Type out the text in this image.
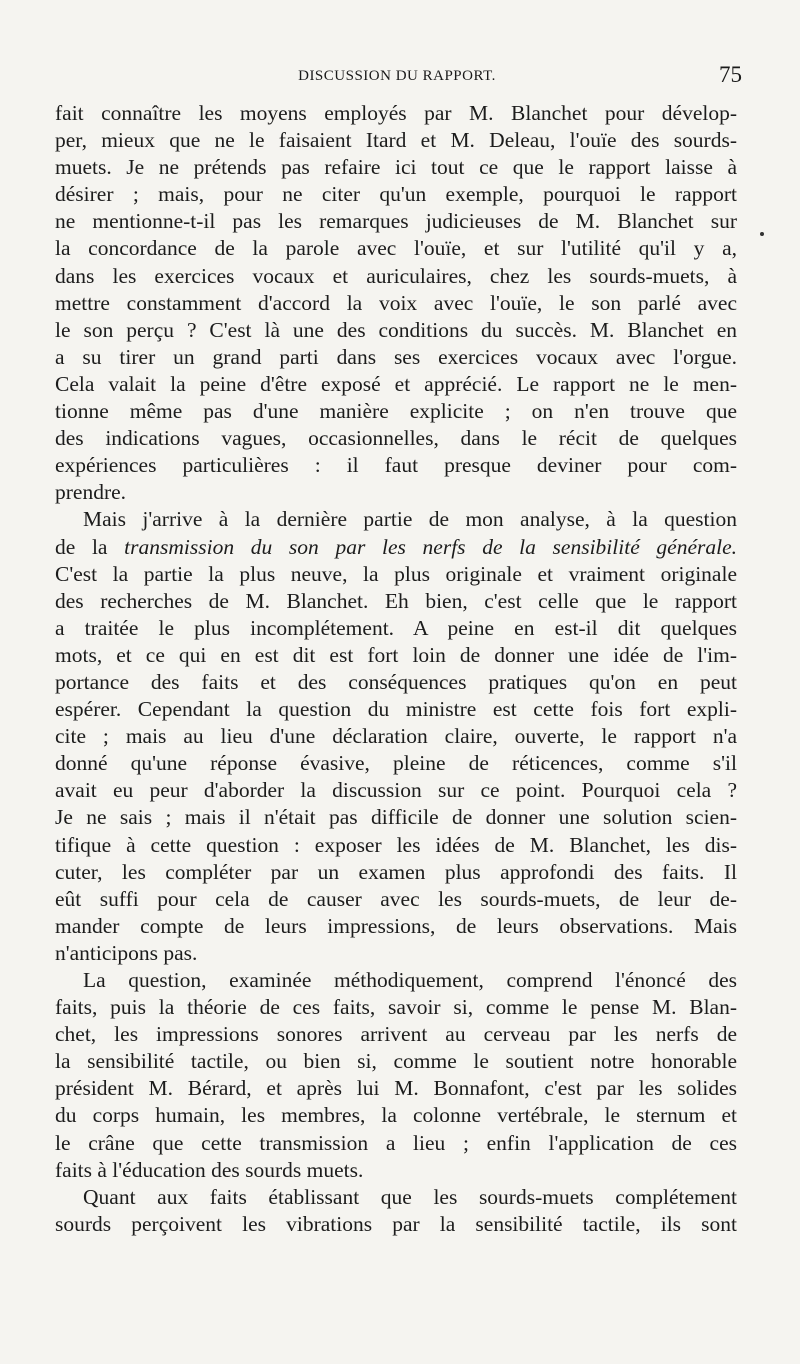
DISCUSSION DU RAPPORT.	75
fait connaître les moyens employés par M. Blanchet pour dévelop-
per, mieux que ne le faisaient Itard et M. Deleau, l'ouïe des sourds-
muets. Je ne prétends pas refaire ici tout ce que le rapport laisse à
désirer ; mais, pour ne citer qu'un exemple, pourquoi le rapport
ne mentionne-t-il pas les remarques judicieuses de M. Blanchet sur
la concordance de la parole avec l'ouïe, et sur l'utilité qu'il y a,
dans les exercices vocaux et auriculaires, chez les sourds-muets, à
mettre constamment d'accord la voix avec l'ouïe, le son parlé avec
le son perçu ? C'est là une des conditions du succès. M. Blanchet en
a su tirer un grand parti dans ses exercices vocaux avec l'orgue.
Cela valait la peine d'être exposé et apprécié. Le rapport ne le men-
tionne même pas d'une manière explicite ; on n'en trouve que
des indications vagues, occasionnelles, dans le récit de quelques
expériences particulières : il faut presque deviner pour com-
prendre.
Mais j'arrive à la dernière partie de mon analyse, à la question
de la transmission du son par les nerfs de la sensibilité générale.
C'est la partie la plus neuve, la plus originale et vraiment originale
des recherches de M. Blanchet. Eh bien, c'est celle que le rapport
a traitée le plus incomplétement. A peine en est-il dit quelques
mots, et ce qui en est dit est fort loin de donner une idée de l'im-
portance des faits et des conséquences pratiques qu'on en peut
espérer. Cependant la question du ministre est cette fois fort expli-
cite ; mais au lieu d'une déclaration claire, ouverte, le rapport n'a
donné qu'une réponse évasive, pleine de réticences, comme s'il
avait eu peur d'aborder la discussion sur ce point. Pourquoi cela ?
Je ne sais ; mais il n'était pas difficile de donner une solution scien-
tifique à cette question : exposer les idées de M. Blanchet, les dis-
cuter, les compléter par un examen plus approfondi des faits. Il
eût suffi pour cela de causer avec les sourds-muets, de leur de-
mander compte de leurs impressions, de leurs observations. Mais
n'anticipons pas.
La question, examinée méthodiquement, comprend l'énoncé des
faits, puis la théorie de ces faits, savoir si, comme le pense M. Blan-
chet, les impressions sonores arrivent au cerveau par les nerfs de
la sensibilité tactile, ou bien si, comme le soutient notre honorable
président M. Bérard, et après lui M. Bonnafont, c'est par les solides
du corps humain, les membres, la colonne vertébrale, le sternum et
le crâne que cette transmission a lieu ; enfin l'application de ces
faits à l'éducation des sourds muets.
Quant aux faits établissant que les sourds-muets complétement
sourds perçoivent les vibrations par la sensibilité tactile, ils sont
